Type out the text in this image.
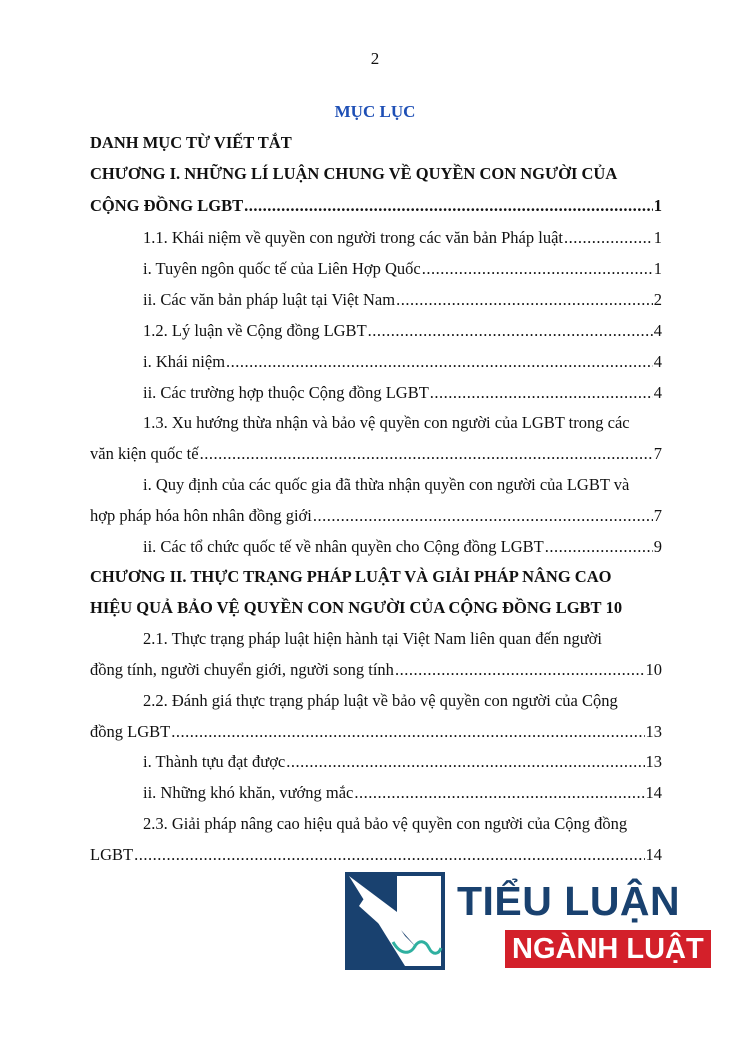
2
MỤC LỤC
DANH MỤC TỪ VIẾT TẮT
CHƯƠNG I. NHỮNG LÍ LUẬN CHUNG VỀ QUYỀN CON NGƯỜI CỦA
CỘNG ĐỒNG LGBT .....	1
1.1. Khái niệm về quyền con người trong các văn bản Pháp luật .....	1
i. Tuyên ngôn quốc tế của Liên Hợp Quốc .....	1
ii. Các văn bản pháp luật tại Việt Nam .....	2
1.2. Lý luận về Cộng đồng LGBT .....	4
i. Khái niệm .....	4
ii. Các trường hợp thuộc Cộng đồng LGBT .....	4
1.3. Xu hướng thừa nhận và bảo vệ quyền con người của LGBT trong các
văn kiện quốc tế .....	7
i. Quy định của các quốc gia đã thừa nhận quyền con người của LGBT và
hợp pháp hóa hôn nhân đồng giới .....	7
ii. Các tổ chức quốc tế về nhân quyền cho Cộng đồng LGBT .....	9
CHƯƠNG II. THỰC TRẠNG PHÁP LUẬT VÀ GIẢI PHÁP NÂNG CAO
HIỆU QUẢ BẢO VỆ QUYỀN CON NGƯỜI CỦA CỘNG ĐỒNG LGBT 10
2.1. Thực trạng pháp luật hiện hành tại Việt Nam liên quan đến người
đồng tính, người chuyển giới, người song tính .....	10
2.2. Đánh giá thực trạng pháp luật về bảo vệ quyền con người của Cộng
đồng LGBT .....	13
i. Thành tựu đạt được .....	13
ii. Những khó khăn, vướng mắc .....	14
2.3. Giải pháp nâng cao hiệu quả bảo vệ quyền con người của Cộng đồng
LGBT .....	14
TIỂU LUẬN
NGÀNH LUẬT
